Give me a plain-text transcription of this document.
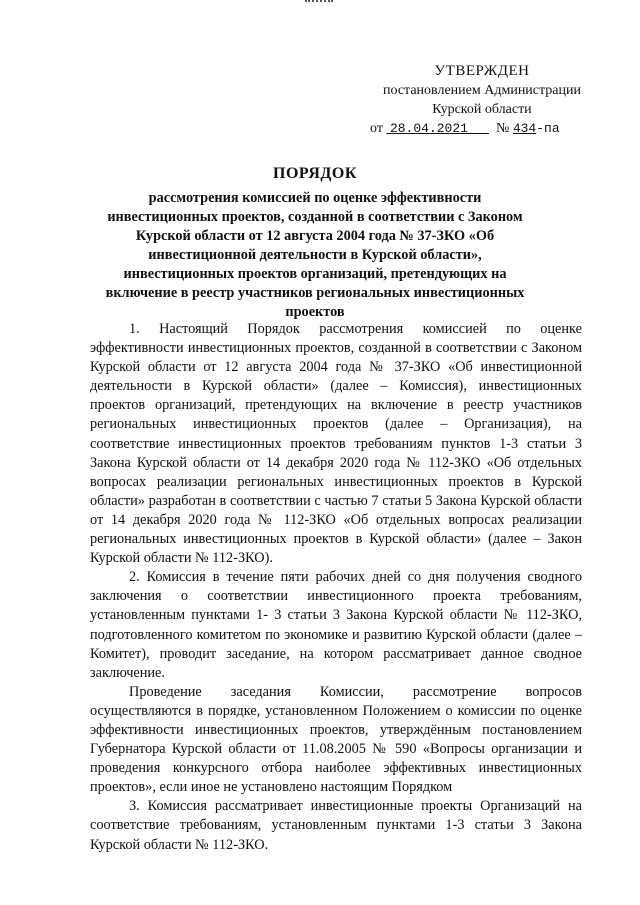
УТВЕРЖДЕН
постановлением Администрации
Курской области
от 28.04.2021 № 434-па
ПОРЯДОК
рассмотрения комиссией по оценке эффективности инвестиционных проектов, созданной в соответствии с Законом Курской области от 12 августа 2004 года № 37-ЗКО «Об инвестиционной деятельности в Курской области», инвестиционных проектов организаций, претендующих на включение в реестр участников региональных инвестиционных проектов

1. Настоящий Порядок рассмотрения комиссией по оценке эффективности инвестиционных проектов, созданной в соответствии с Законом Курской области от 12 августа 2004 года № 37-ЗКО «Об инвестиционной деятельности в Курской области» (далее – Комиссия), инвестиционных проектов организаций, претендующих на включение в реестр участников региональных инвестиционных проектов (далее – Организация), на соответствие инвестиционных проектов требованиям пунктов 1-3 статьи 3 Закона Курской области от 14 декабря 2020 года № 112-ЗКО «Об отдельных вопросах реализации региональных инвестиционных проектов в Курской области» разработан в соответствии с частью 7 статьи 5 Закона Курской области от 14 декабря 2020 года № 112-ЗКО «Об отдельных вопросах реализации региональных инвестиционных проектов в Курской области» (далее – Закон Курской области № 112-ЗКО).

2. Комиссия в течение пяти рабочих дней со дня получения сводного заключения о соответствии инвестиционного проекта требованиям, установленным пунктами 1- 3 статьи 3 Закона Курской области № 112-ЗКО, подготовленного комитетом по экономике и развитию Курской области (далее – Комитет), проводит заседание, на котором рассматривает данное сводное заключение.

Проведение заседания Комиссии, рассмотрение вопросов осуществляются в порядке, установленном Положением о комиссии по оценке эффективности инвестиционных проектов, утверждённым постановлением Губернатора Курской области от 11.08.2005 № 590 «Вопросы организации и проведения конкурсного отбора наиболее эффективных инвестиционных проектов», если иное не установлено настоящим Порядком

3. Комиссия рассматривает инвестиционные проекты Организаций на соответствие требованиям, установленным пунктами 1-3 статьи 3 Закона Курской области № 112-ЗКО.
